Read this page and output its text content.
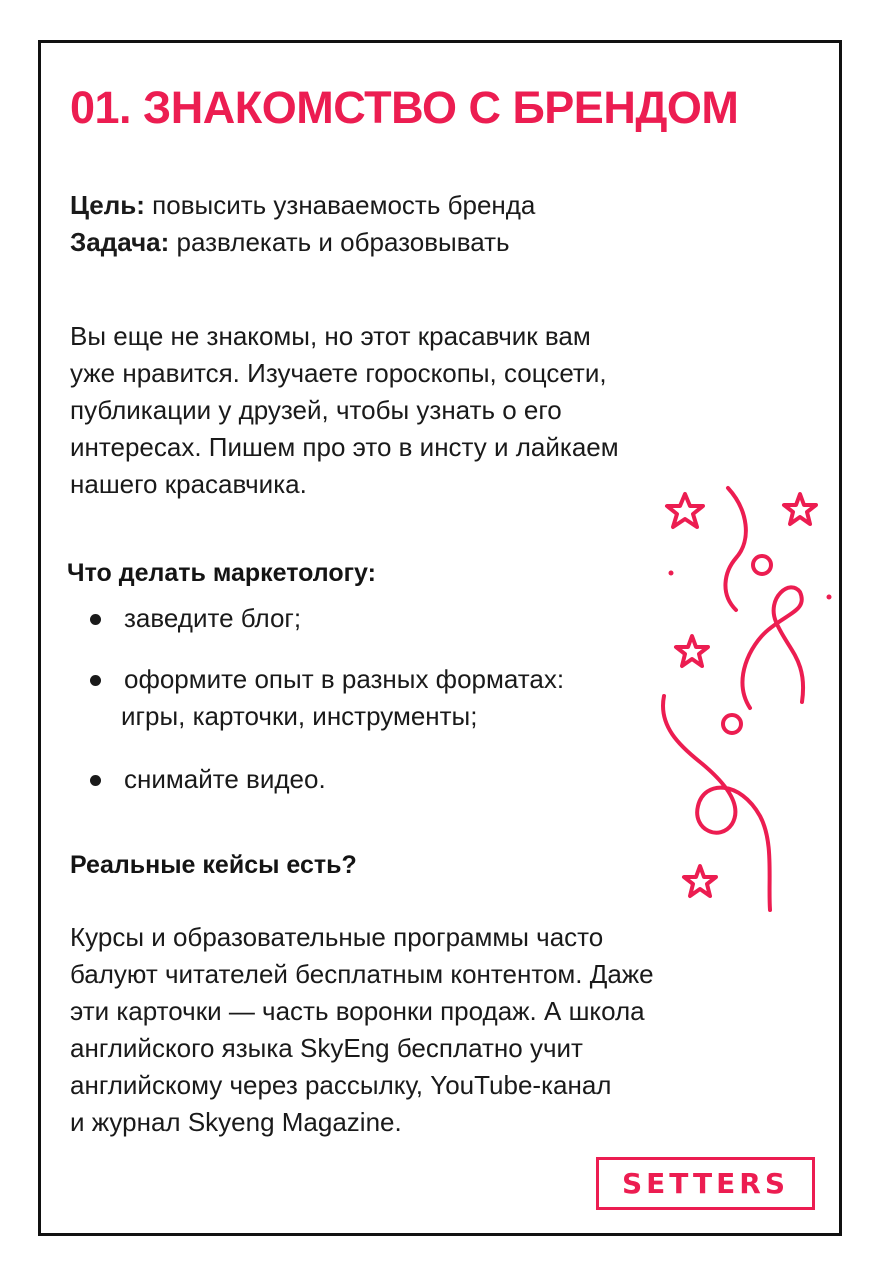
01. ЗНАКОМСТВО С БРЕНДОМ
Цель: повысить узнаваемость бренда
Задача: развлекать и образовывать
Вы еще не знакомы, но этот красавчик вам
уже нравится. Изучаете гороскопы, соцсети,
публикации у друзей, чтобы узнать о его
интересах. Пишем про это в инсту и лайкаем
нашего красавчика.
Что делать маркетологу:
заведите блог;
оформите опыт в разных форматах:
игры, карточки, инструменты;
снимайте видео.
Реальные кейсы есть?
Курсы и образовательные программы часто
балуют читателей бесплатным контентом. Даже
эти карточки — часть воронки продаж. А школа
английского языка SkyEng бесплатно учит
английскому через рассылку, YouTube-канал
и журнал Skyeng Magazine.
SETTERS
